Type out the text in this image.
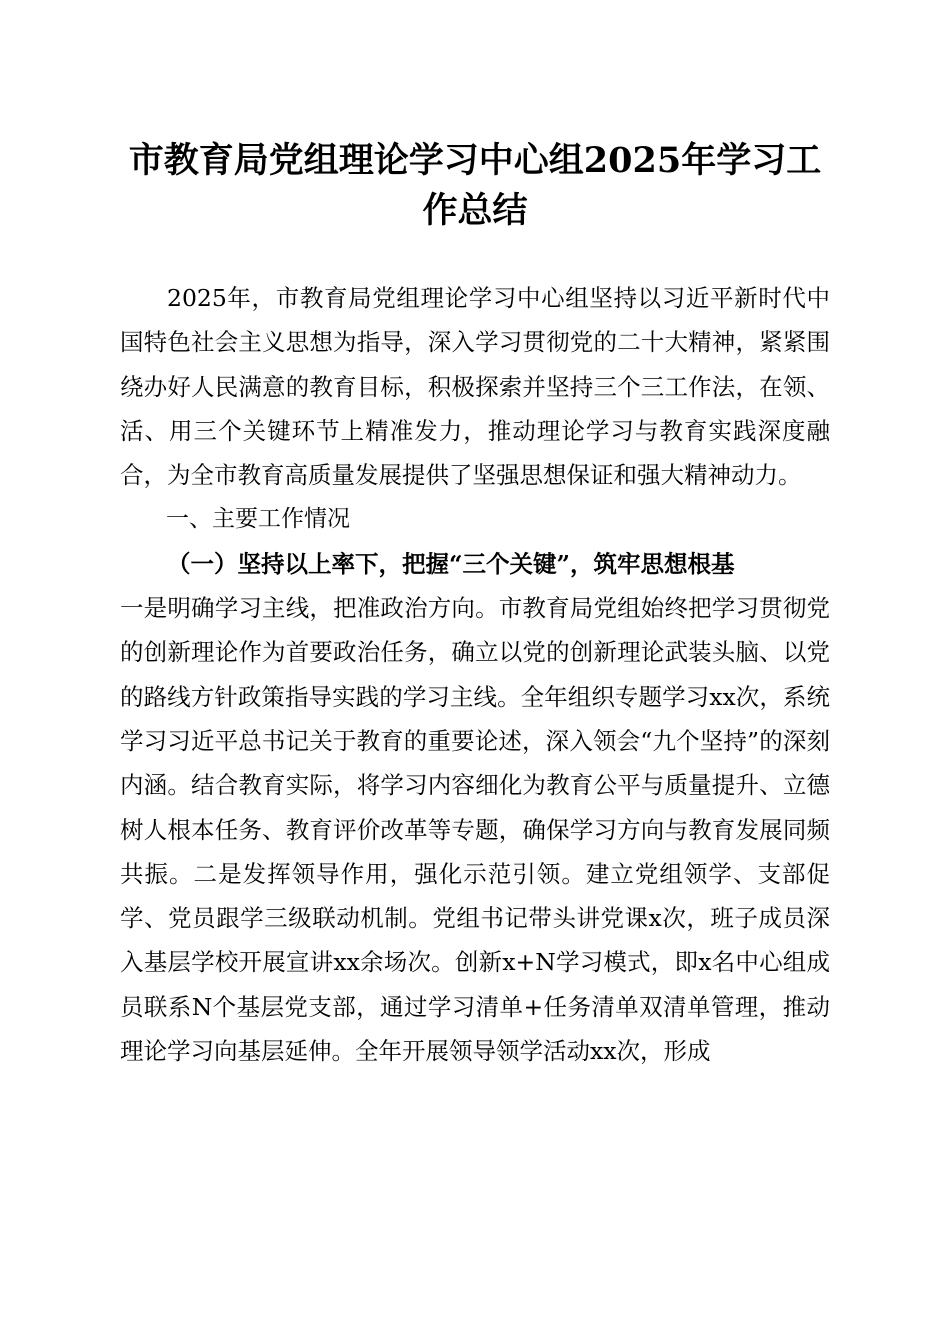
市教育局党组理论学习中心组2025年学习工作总结

2025年，市教育局党组理论学习中心组坚持以习近平新时代中国特色社会主义思想为指导，深入学习贯彻党的二十大精神，紧紧围绕办好人民满意的教育目标，积极探索并坚持三个三工作法，在领、活、用三个关键环节上精准发力，推动理论学习与教育实践深度融合，为全市教育高质量发展提供了坚强思想保证和强大精神动力。

一、主要工作情况

（一）坚持以上率下，把握“三个关键”，筑牢思想根基

一是明确学习主线，把准政治方向。市教育局党组始终把学习贯彻党的创新理论作为首要政治任务，确立以党的创新理论武装头脑、以党的路线方针政策指导实践的学习主线。全年组织专题学习xx次，系统学习习近平总书记关于教育的重要论述，深入领会“九个坚持”的深刻内涵。结合教育实际，将学习内容细化为教育公平与质量提升、立德树人根本任务、教育评价改革等专题，确保学习方向与教育发展同频共振。二是发挥领导作用，强化示范引领。建立党组领学、支部促学、党员跟学三级联动机制。党组书记带头讲党课x次，班子成员深入基层学校开展宣讲xx余场次。创新x+N学习模式，即x名中心组成员联系N个基层党支部，通过学习清单+任务清单双清单管理，推动理论学习向基层延伸。全年开展领导领学活动xx次，形成
